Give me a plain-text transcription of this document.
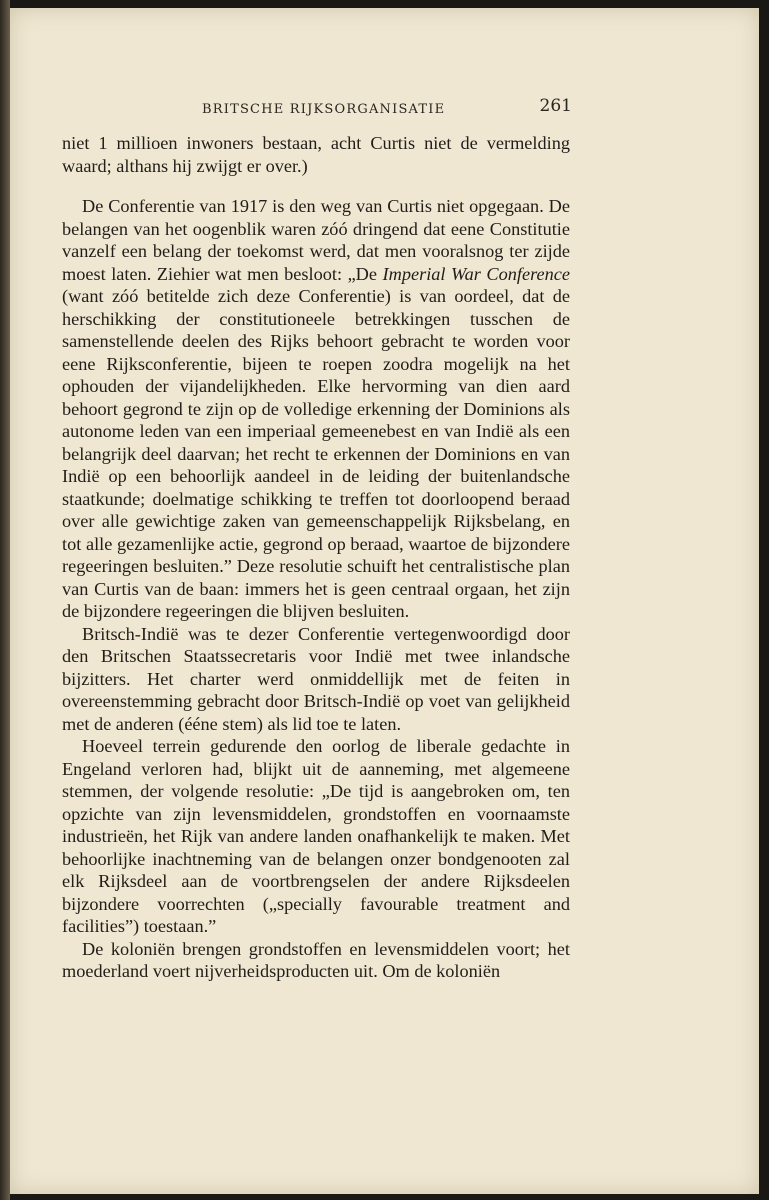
BRITSCHE RIJKSORGANISATIE	261

niet 1 millioen inwoners bestaan, acht Curtis niet de vermelding waard; althans hij zwijgt er over.)

De Conferentie van 1917 is den weg van Curtis niet opgegaan. De belangen van het oogenblik waren zóó dringend dat eene Constitutie vanzelf een belang der toekomst werd, dat men vooralsnog ter zijde moest laten. Ziehier wat men besloot: „De Imperial War Conference (want zóó betitelde zich deze Conferentie) is van oordeel, dat de herschikking der constitutioneele betrekkingen tusschen de samenstellende deelen des Rijks behoort gebracht te worden voor eene Rijksconferentie, bijeen te roepen zoodra mogelijk na het ophouden der vijandelijkheden. Elke hervorming van dien aard behoort gegrond te zijn op de volledige erkenning der Dominions als autonome leden van een imperiaal gemeenebest en van Indië als een belangrijk deel daarvan; het recht te erkennen der Dominions en van Indië op een behoorlijk aandeel in de leiding der buitenlandsche staatkunde; doelmatige schikking te treffen tot doorloopend beraad over alle gewichtige zaken van gemeenschappelijk Rijksbelang, en tot alle gezamenlijke actie, gegrond op beraad, waartoe de bijzondere regeeringen besluiten.” Deze resolutie schuift het centralistische plan van Curtis van de baan: immers het is geen centraal orgaan, het zijn de bijzondere regeeringen die blijven besluiten.

Britsch-Indië was te dezer Conferentie vertegenwoordigd door den Britschen Staatssecretaris voor Indië met twee inlandsche bijzitters. Het charter werd onmiddellijk met de feiten in overeenstemming gebracht door Britsch-Indië op voet van gelijkheid met de anderen (ééne stem) als lid toe te laten.

Hoeveel terrein gedurende den oorlog de liberale gedachte in Engeland verloren had, blijkt uit de aanneming, met algemeene stemmen, der volgende resolutie: „De tijd is aangebroken om, ten opzichte van zijn levensmiddelen, grondstoffen en voornaamste industrieën, het Rijk van andere landen onafhankelijk te maken. Met behoorlijke inachtneming van de belangen onzer bondgenooten zal elk Rijksdeel aan de voortbrengselen der andere Rijksdeelen bijzondere voorrechten („specially favourable treatment and facilities”) toestaan.”

De koloniën brengen grondstoffen en levensmiddelen voort; het moederland voert nijverheidsproducten uit. Om de koloniën
